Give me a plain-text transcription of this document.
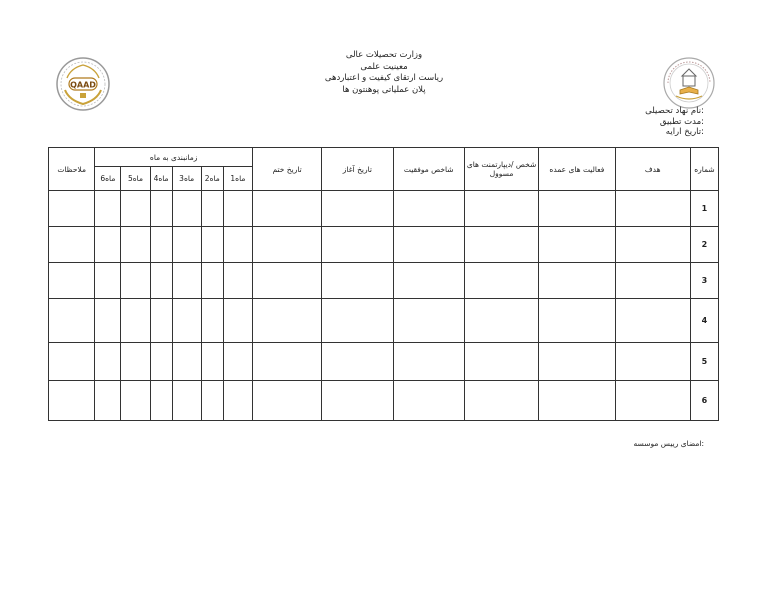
وزارت تحصیلات عالی
معینیت علمی
ریاست ارتقای کیفیت و اعتباردهی
پلان عملیاتی پوهنتون ها
QAAD
:نام نهاد تحصیلی
:مدت تطبیق
:تاریخ ارایه
شماره	هدف	فعالیت های عمده	شخص /دیپارتمنت های مسوول	شاخص موفقیت	تاریخ آغاز	تاریخ ختم	زمانبندی به ماه						ملاحظات
							ماه1	ماه2	ماه3	ماه4	ماه5	ماه6	
1													
2													
3													
4													
5													
6													
:امضای رییس موسسه
